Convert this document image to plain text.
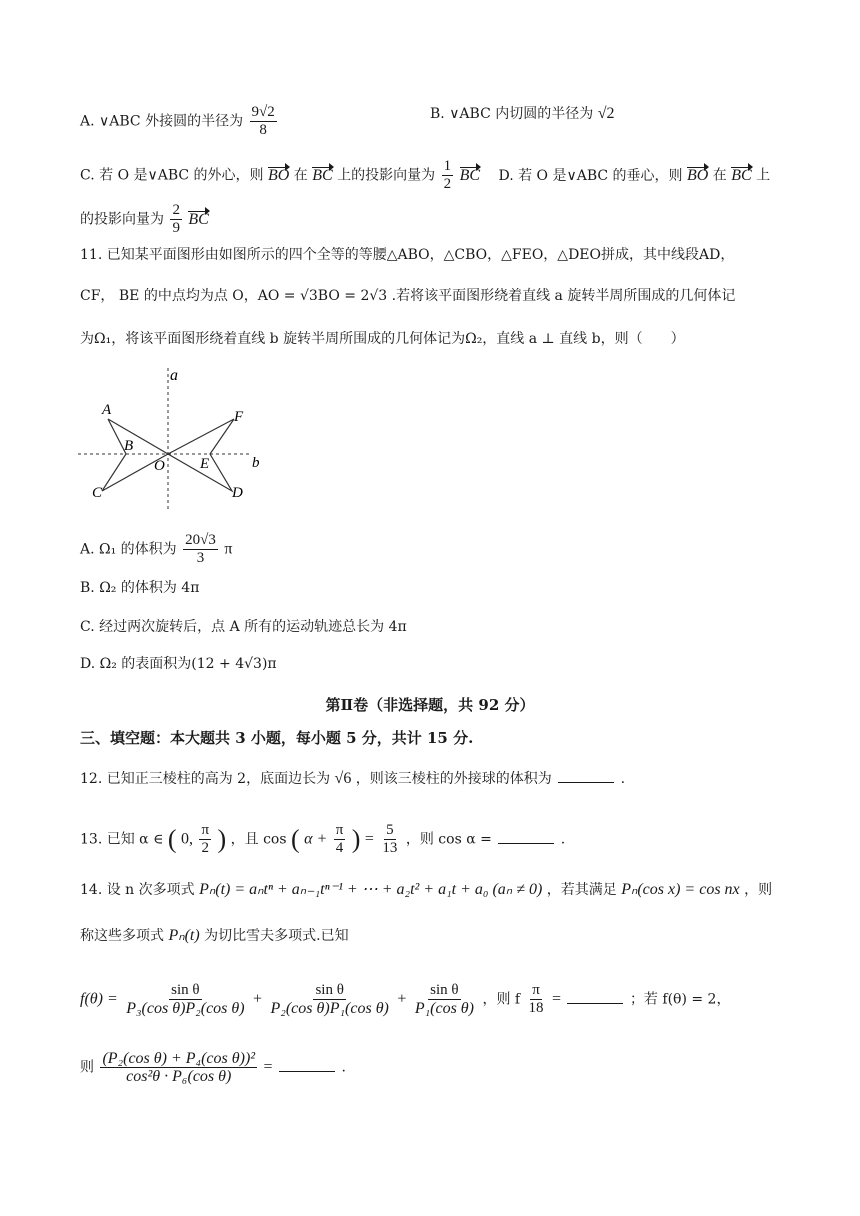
A. ∨ABC 外接圆的半径为 $\frac{9√2}{8}$	B. ∨ABC 内切圆的半径为 √2
C. 若 O 是∨ABC 的外心，则 BO 在 BC 上的投影向量为 $\frac{1}{2}$ BC D. 若 O 是∨ABC 的垂心，则 BO 在 BC 上
的投影向量为 $\frac{2}{9}$ BC
11. 已知某平面图形由如图所示的四个全等的等腰△ABO，△CBO，△FEO，△DEO拼成，其中线段AD，
CF， BE 的中点均为点 O，AO = √3BO = 2√3 .若将该平面图形绕着直线 a 旋转半周所围成的几何体记
为Ω₁，将该平面图形绕着直线 b 旋转半周所围成的几何体记为Ω₂，直线 a ⊥ 直线 b，则（　　）
a
b
A
B
C	D
E
F
O
A. Ω₁ 的体积为 $\frac{20√3}{3}$ π
B. Ω₂ 的体积为 4π
C. 经过两次旋转后，点 A 所有的运动轨迹总长为 4π
D. Ω₂ 的表面积为(12 + 4√3)π
第Ⅱ卷（非选择题，共 92 分）
三、填空题：本大题共 3 小题，每小题 5 分，共计 15 分.
12. 已知正三棱柱的高为 2，底面边长为 √6 ，则该三棱柱的外接球的体积为	.
13. 已知 α ∈ ( 0, $\frac{\pi}{2}$ ) ，且 cos ( $\alpha + \frac{\pi}{4}$ ) = $\frac{5}{13}$ ，则 cos α =	.
14. 设 n 次多项式 Pₙ(t) = aₙtⁿ + aₙ₋₁tⁿ⁻¹ + ⋯ + a₂t² + a₁t + a₀ (aₙ ≠ 0) ，若其满足 Pₙ(cos x) = cos nx ，则
称这些多项式 Pₙ(t) 为切比雪夫多项式.已知
$f(\theta) = \frac{\text{sin θ}}{\text{P₃(cos θ)P₂(cos θ)}} + \frac{\text{sin θ}}{\text{P₂(cos θ)P₁(cos θ)}} + \frac{\text{sin θ}}{\text{P₁(cos θ)}}$ ，则 f $\frac{\pi}{18}$ =	；若 f(θ) = 2，
则 $\frac{\text{(P₂(cos θ) + P₄(cos θ))²}}{\text{cos²θ · P₆(cos θ)}}$ =	.
